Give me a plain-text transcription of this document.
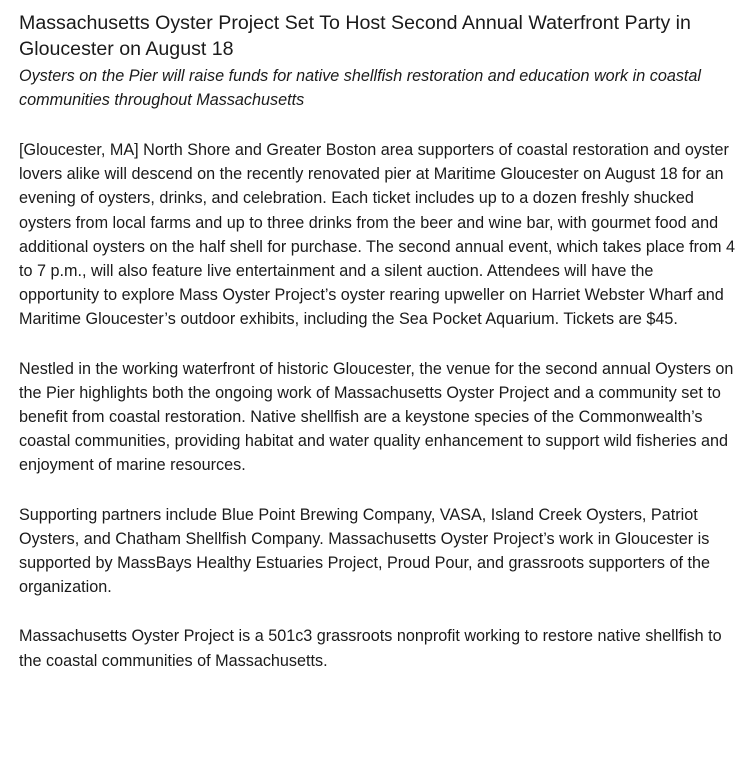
Massachusetts Oyster Project Set To Host Second Annual Waterfront Party in Gloucester on August 18

Oysters on the Pier will raise funds for native shellfish restoration and education work in coastal communities throughout Massachusetts

[Gloucester, MA] North Shore and Greater Boston area supporters of coastal restoration and oyster lovers alike will descend on the recently renovated pier at Maritime Gloucester on August 18 for an evening of oysters, drinks, and celebration. Each ticket includes up to a dozen freshly shucked oysters from local farms and up to three drinks from the beer and wine bar, with gourmet food and additional oysters on the half shell for purchase. The second annual event, which takes place from 4 to 7 p.m., will also feature live entertainment and a silent auction. Attendees will have the opportunity to explore Mass Oyster Project’s oyster rearing upweller on Harriet Webster Wharf and Maritime Gloucester’s outdoor exhibits, including the Sea Pocket Aquarium. Tickets are $45.

Nestled in the working waterfront of historic Gloucester, the venue for the second annual Oysters on the Pier highlights both the ongoing work of Massachusetts Oyster Project and a community set to benefit from coastal restoration. Native shellfish are a keystone species of the Commonwealth’s coastal communities, providing habitat and water quality enhancement to support wild fisheries and enjoyment of marine resources.

Supporting partners include Blue Point Brewing Company, VASA, Island Creek Oysters, Patriot Oysters, and Chatham Shellfish Company. Massachusetts Oyster Project’s work in Gloucester is supported by MassBays Healthy Estuaries Project, Proud Pour, and grassroots supporters of the organization.

Massachusetts Oyster Project is a 501c3 grassroots nonprofit working to restore native shellfish to the coastal communities of Massachusetts.
